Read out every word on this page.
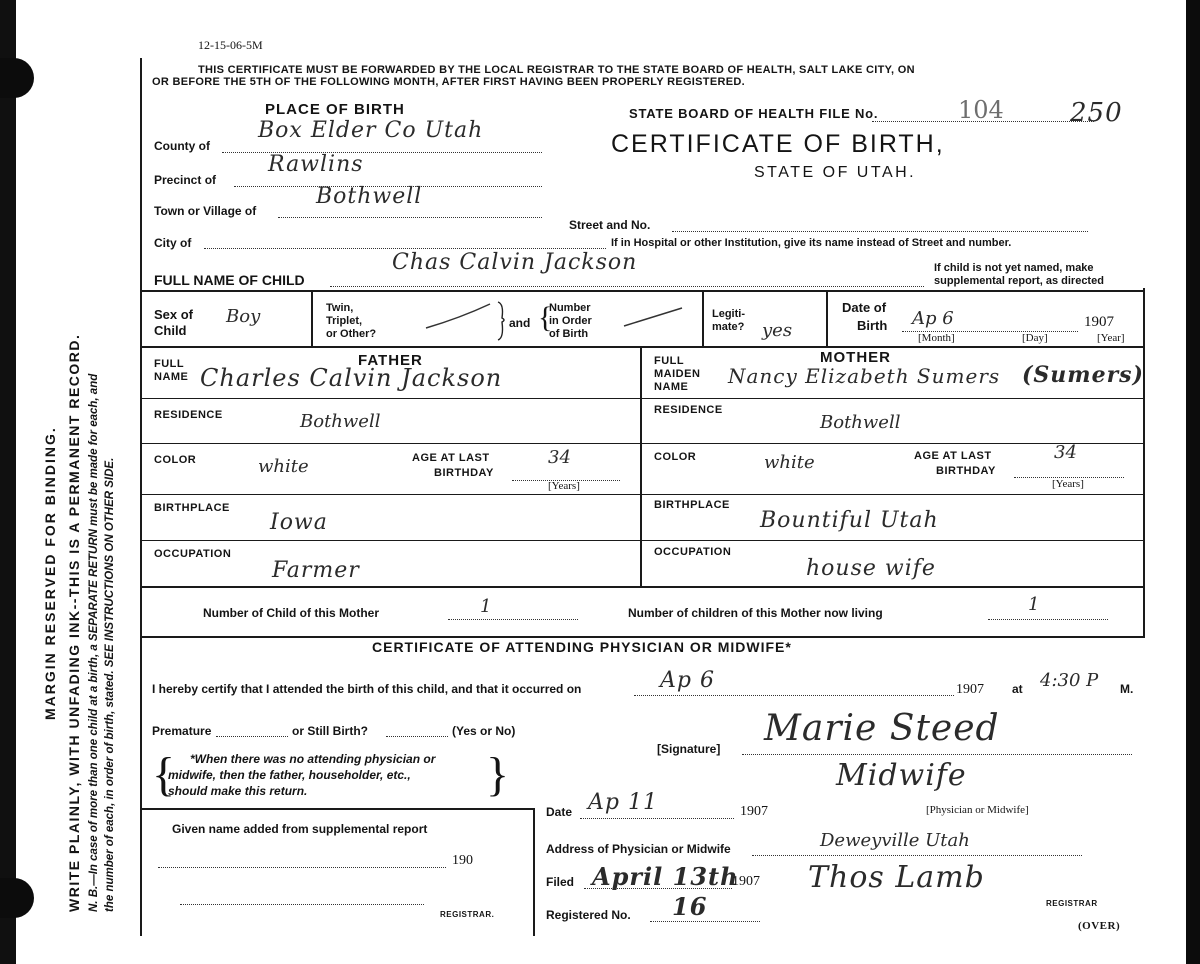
12-15-06-5M
MARGIN RESERVED FOR BINDING. WRITE PLAINLY, WITH UNFADING INK--THIS IS A PERMANENT RECORD. N. B.—In case of more than one child at a birth, a SEPARATE RETURN must be made for each, and the number of each, in order of birth, stated. SEE INSTRUCTIONS ON OTHER SIDE.
THIS CERTIFICATE MUST BE FORWARDED BY THE LOCAL REGISTRAR TO THE STATE BOARD OF HEALTH, SALT LAKE CITY, ON
OR BEFORE THE 5TH OF THE FOLLOWING MONTH, AFTER FIRST HAVING BEEN PROPERLY REGISTERED.
PLACE OF BIRTH
County of
Box Elder Co Utah
Precinct of
Rawlins
Town or Village of
Bothwell
City of
Street and No.
If in Hospital or other Institution, give its name instead of Street and number.
STATE BOARD OF HEALTH FILE No.	104	250
CERTIFICATE OF BIRTH,
STATE OF UTAH.
FULL NAME OF CHILD
Chas Calvin Jackson	If child is not yet named, make
supplemental report, as directed
Sex of
Child
Boy	Twin,
Triplet,
or Other?
and {
Number
in Order
of Birth
Legiti-
mate? yes
Date of
Birth Ap 6	1907
[Month]	[Day]	[Year]
FATHER
FULL
NAME Charles Calvin Jackson
RESIDENCE	Bothwell
COLOR	white	AGE AT LAST
BIRTHDAY
34
[Years]
BIRTHPLACE
Iowa
OCCUPATION
Farmer
MOTHER
FULL
MAIDEN
NAME Nancy Elizabeth Sumers (Sumers)
RESIDENCE
Bothwell
COLOR	white	AGE AT LAST
BIRTHDAY
34
[Years]
BIRTHPLACE
Bountiful Utah
OCCUPATION
house wife
Number of Child of this Mother	1	Number of children of this Mother now living	1
CERTIFICATE OF ATTENDING PHYSICIAN OR MIDWIFE*
I hereby certify that I attended the birth of this child, and that it occurred on	Ap 6	1907 at 4:30 P M.
Premature	or Still Birth?	(Yes or No)
{	}
*When there was no attending physician or
midwife, then the father, householder, etc.,
should make this return.
[Signature] Marie Steed
Midwife
[Physician or Midwife]
Given name added from supplemental report
190
REGISTRAR.
Date Ap 11	1907
Address of Physician or Midwife	Deweyville Utah
Filed April 13th
1907 Thos Lamb
REGISTRAR
Registered No. 16
(OVER)
